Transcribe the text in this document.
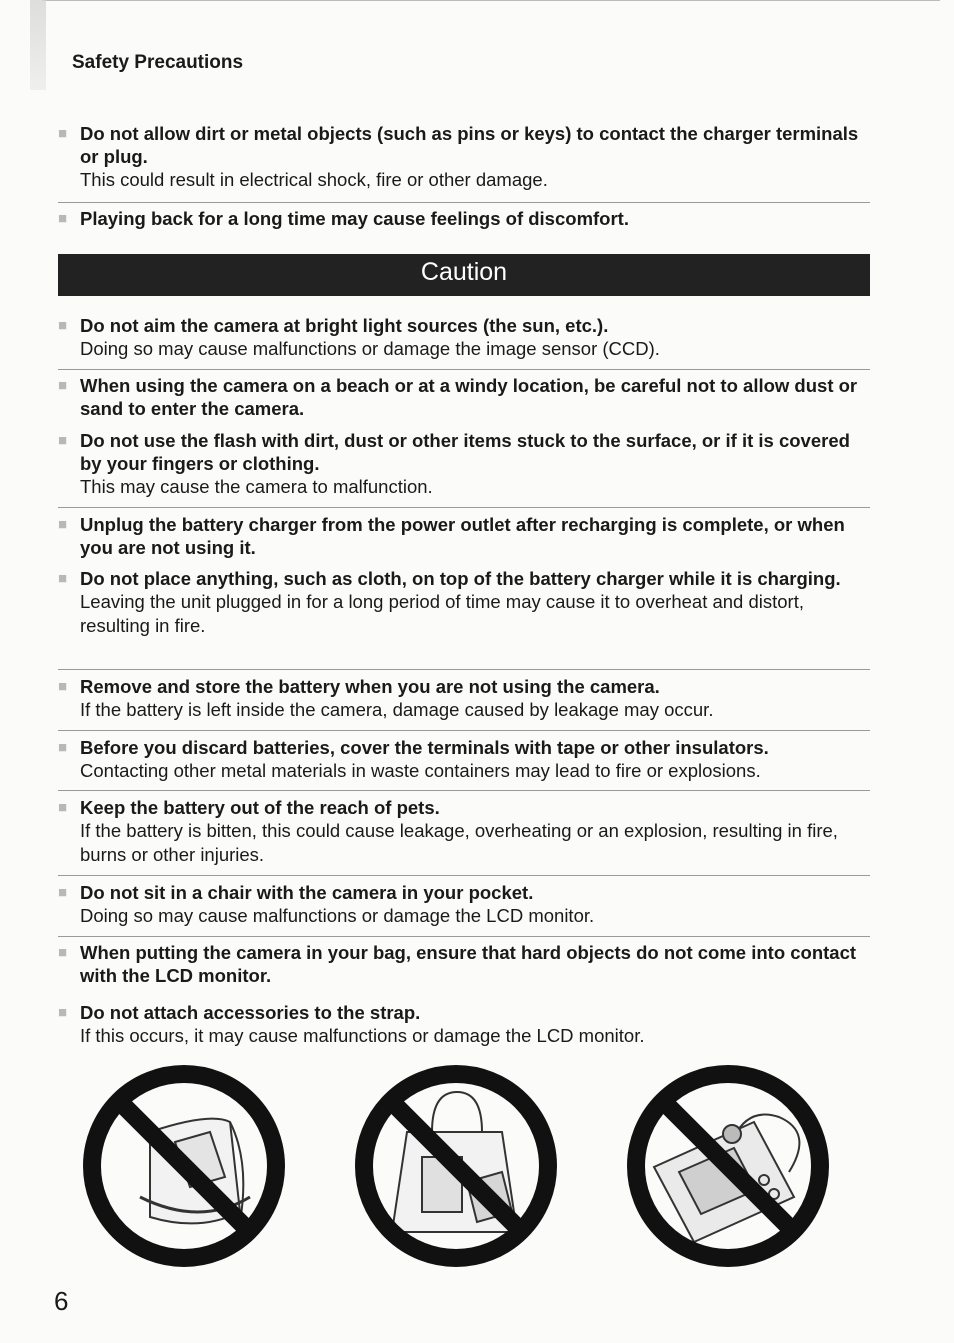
Safety Precautions
■ Do not allow dirt or metal objects (such as pins or keys) to contact the charger terminals or plug.
This could result in electrical shock, fire or other damage.
■ Playing back for a long time may cause feelings of discomfort.
Caution
■ Do not aim the camera at bright light sources (the sun, etc.).
Doing so may cause malfunctions or damage the image sensor (CCD).
■ When using the camera on a beach or at a windy location, be careful not to allow dust or sand to enter the camera.
■ Do not use the flash with dirt, dust or other items stuck to the surface, or if it is covered by your fingers or clothing.
This may cause the camera to malfunction.
■ Unplug the battery charger from the power outlet after recharging is complete, or when you are not using it.
■ Do not place anything, such as cloth, on top of the battery charger while it is charging.
Leaving the unit plugged in for a long period of time may cause it to overheat and distort, resulting in fire.
■ Remove and store the battery when you are not using the camera.
If the battery is left inside the camera, damage caused by leakage may occur.
■ Before you discard batteries, cover the terminals with tape or other insulators.
Contacting other metal materials in waste containers may lead to fire or explosions.
■ Keep the battery out of the reach of pets.
If the battery is bitten, this could cause leakage, overheating or an explosion, resulting in fire, burns or other injuries.
■ Do not sit in a chair with the camera in your pocket.
Doing so may cause malfunctions or damage the LCD monitor.
■ When putting the camera in your bag, ensure that hard objects do not come into contact with the LCD monitor.
■ Do not attach accessories to the strap.
If this occurs, it may cause malfunctions or damage the LCD monitor.
6
